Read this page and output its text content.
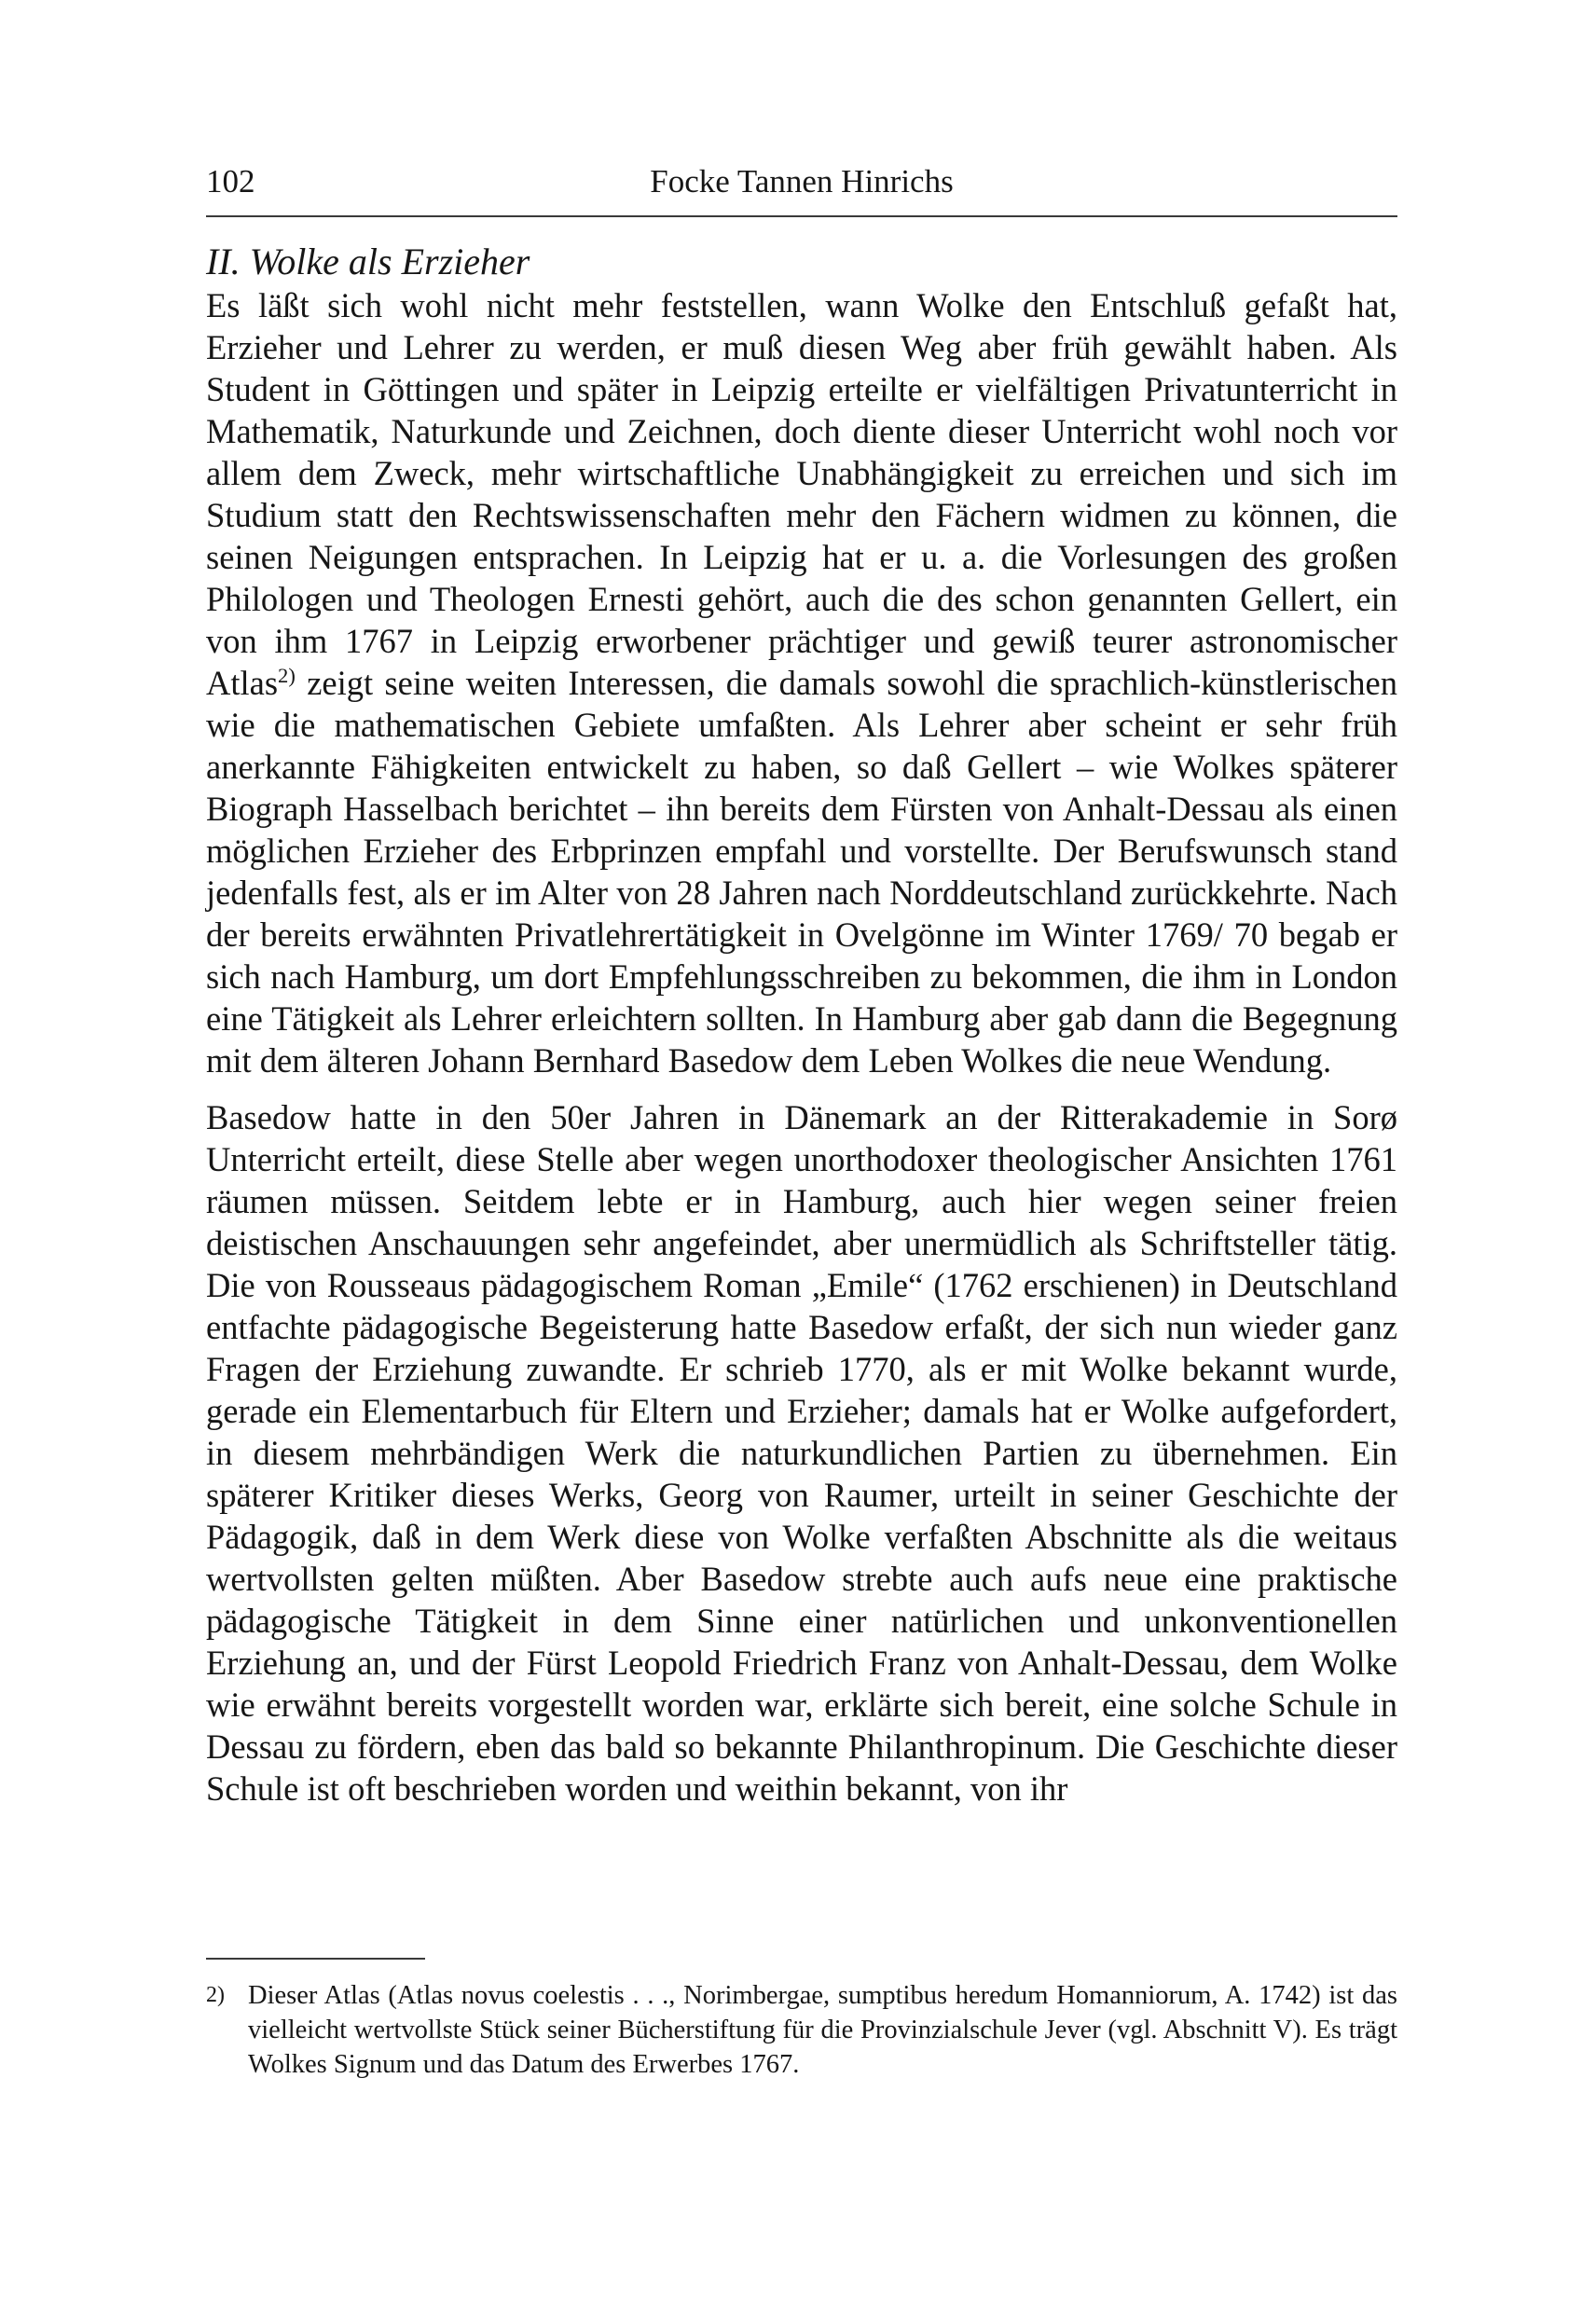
102	Focke Tannen Hinrichs
II. Wolke als Erzieher

Es läßt sich wohl nicht mehr feststellen, wann Wolke den Entschluß gefaßt hat, Erzieher und Lehrer zu werden, er muß diesen Weg aber früh gewählt haben. Als Student in Göttingen und später in Leipzig erteilte er vielfältigen Privatunterricht in Mathematik, Naturkunde und Zeichnen, doch diente dieser Unterricht wohl noch vor allem dem Zweck, mehr wirtschaftliche Unabhängigkeit zu erreichen und sich im Studium statt den Rechtswissenschaften mehr den Fächern widmen zu können, die seinen Neigungen entsprachen. In Leipzig hat er u. a. die Vorlesungen des großen Philologen und Theologen Ernesti gehört, auch die des schon genannten Gellert, ein von ihm 1767 in Leipzig erworbener prächtiger und gewiß teurer astronomischer Atlas$^{2)}$ zeigt seine weiten Interessen, die damals sowohl die sprachlich-künstlerischen wie die mathematischen Gebiete umfaßten. Als Lehrer aber scheint er sehr früh anerkannte Fähigkeiten entwickelt zu haben, so daß Gellert – wie Wolkes späterer Biograph Hasselbach berichtet – ihn bereits dem Fürsten von Anhalt-Dessau als einen möglichen Erzieher des Erbprinzen empfahl und vorstellte. Der Berufswunsch stand jedenfalls fest, als er im Alter von 28 Jahren nach Norddeutschland zurückkehrte. Nach der bereits erwähnten Privatlehrertätigkeit in Ovelgönne im Winter 1769/ 70 begab er sich nach Hamburg, um dort Empfehlungsschreiben zu bekommen, die ihm in London eine Tätigkeit als Lehrer erleichtern sollten. In Hamburg aber gab dann die Begegnung mit dem älteren Johann Bernhard Basedow dem Leben Wolkes die neue Wendung.

Basedow hatte in den 50er Jahren in Dänemark an der Ritterakademie in Sorø Unterricht erteilt, diese Stelle aber wegen unorthodoxer theologischer Ansichten 1761 räumen müssen. Seitdem lebte er in Hamburg, auch hier wegen seiner freien deistischen Anschauungen sehr angefeindet, aber unermüdlich als Schriftsteller tätig. Die von Rousseaus pädagogischem Roman „Emile“ (1762 erschienen) in Deutschland entfachte pädagogische Begeisterung hatte Basedow erfaßt, der sich nun wieder ganz Fragen der Erziehung zuwandte. Er schrieb 1770, als er mit Wolke bekannt wurde, gerade ein Elementarbuch für Eltern und Erzieher; damals hat er Wolke aufgefordert, in diesem mehrbändigen Werk die naturkundlichen Partien zu übernehmen. Ein späterer Kritiker dieses Werks, Georg von Raumer, urteilt in seiner Geschichte der Pädagogik, daß in dem Werk diese von Wolke verfaßten Abschnitte als die weitaus wertvollsten gelten müßten. Aber Basedow strebte auch aufs neue eine praktische pädagogische Tätigkeit in dem Sinne einer natürlichen und unkonventionellen Erziehung an, und der Fürst Leopold Friedrich Franz von Anhalt-Dessau, dem Wolke wie erwähnt bereits vorgestellt worden war, erklärte sich bereit, eine solche Schule in Dessau zu fördern, eben das bald so bekannte Philanthropinum. Die Geschichte dieser Schule ist oft beschrieben worden und weithin bekannt, von ihr

2) Dieser Atlas (Atlas novus coelestis . . ., Norimbergae, sumptibus heredum Homanniorum, A. 1742) ist das vielleicht wertvollste Stück seiner Bücherstiftung für die Provinzialschule Jever (vgl. Abschnitt V). Es trägt Wolkes Signum und das Datum des Erwerbes 1767.
